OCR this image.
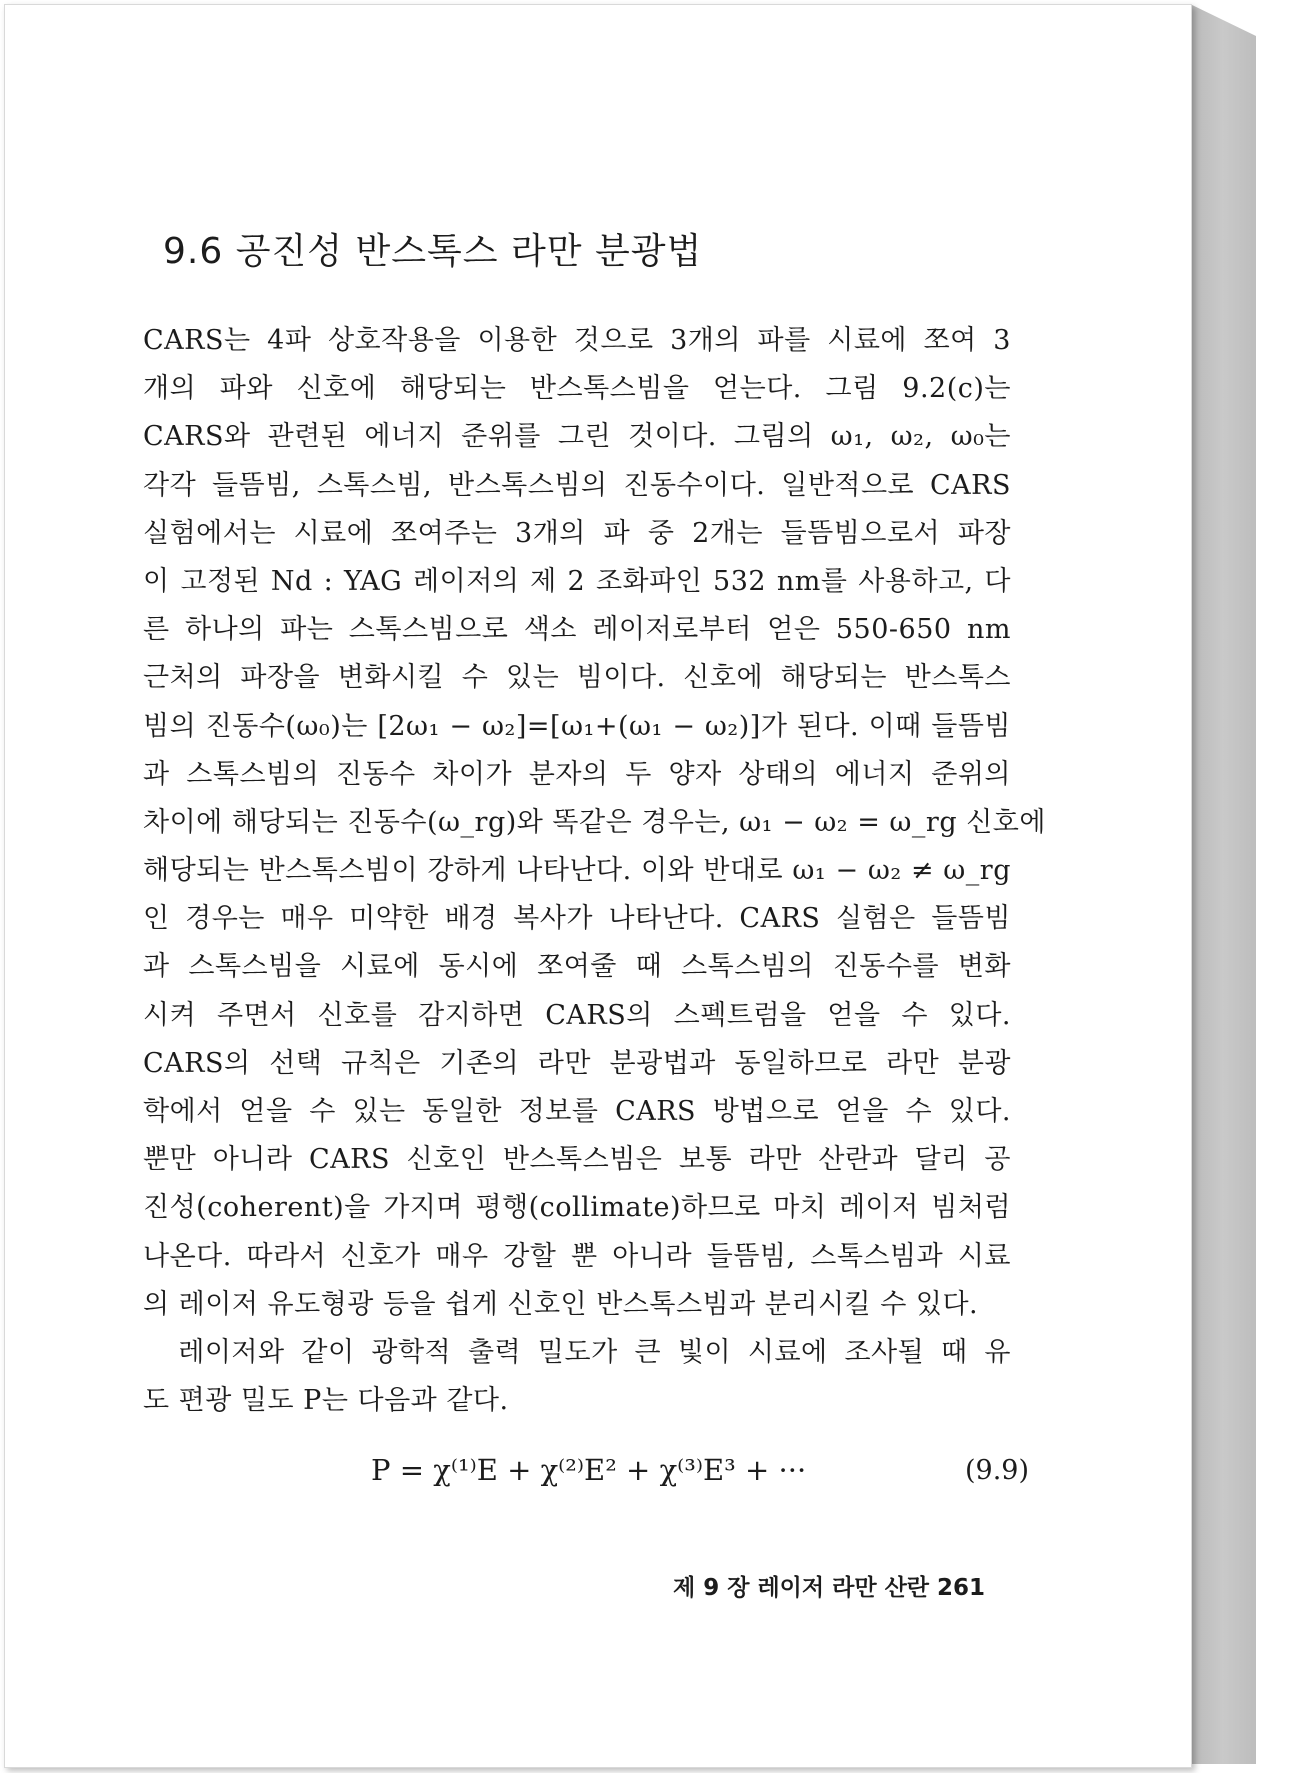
9.6 공진성 반스톡스 라만 분광법
CARS는 4파 상호작용을 이용한 것으로 3개의 파를 시료에 쪼여 3
개의 파와 신호에 해당되는 반스톡스빔을 얻는다. 그림 9.2(c)는
CARS와 관련된 에너지 준위를 그린 것이다. 그림의 ω₁, ω₂, ω₀는
각각 들뜸빔, 스톡스빔, 반스톡스빔의 진동수이다. 일반적으로 CARS
실험에서는 시료에 쪼여주는 3개의 파 중 2개는 들뜸빔으로서 파장
이 고정된 Nd : YAG 레이저의 제 2 조화파인 532 nm를 사용하고, 다
른 하나의 파는 스톡스빔으로 색소 레이저로부터 얻은 550-650 nm
근처의 파장을 변화시킬 수 있는 빔이다. 신호에 해당되는 반스톡스
빔의 진동수(ω₀)는 [2ω₁ − ω₂]=[ω₁+(ω₁ − ω₂)]가 된다. 이때 들뜸빔
과 스톡스빔의 진동수 차이가 분자의 두 양자 상태의 에너지 준위의
차이에 해당되는 진동수(ω_rg)와 똑같은 경우는, ω₁ − ω₂ = ω_rg 신호에
해당되는 반스톡스빔이 강하게 나타난다. 이와 반대로 ω₁ − ω₂ ≠ ω_rg
인 경우는 매우 미약한 배경 복사가 나타난다. CARS 실험은 들뜸빔
과 스톡스빔을 시료에 동시에 쪼여줄 때 스톡스빔의 진동수를 변화
시켜 주면서 신호를 감지하면 CARS의 스펙트럼을 얻을 수 있다.
CARS의 선택 규칙은 기존의 라만 분광법과 동일하므로 라만 분광
학에서 얻을 수 있는 동일한 정보를 CARS 방법으로 얻을 수 있다.
뿐만 아니라 CARS 신호인 반스톡스빔은 보통 라만 산란과 달리 공
진성(coherent)을 가지며 평행(collimate)하므로 마치 레이저 빔처럼
나온다. 따라서 신호가 매우 강할 뿐 아니라 들뜸빔, 스톡스빔과 시료
의 레이저 유도형광 등을 쉽게 신호인 반스톡스빔과 분리시킬 수 있다.
　레이저와 같이 광학적 출력 밀도가 큰 빛이 시료에 조사될 때 유
도 편광 밀도 P는 다음과 같다.

P = χ⁽¹⁾E + χ⁽²⁾E² + χ⁽³⁾E³ + ···	(9.9)

제 9 장 레이저 라만 산란 261
